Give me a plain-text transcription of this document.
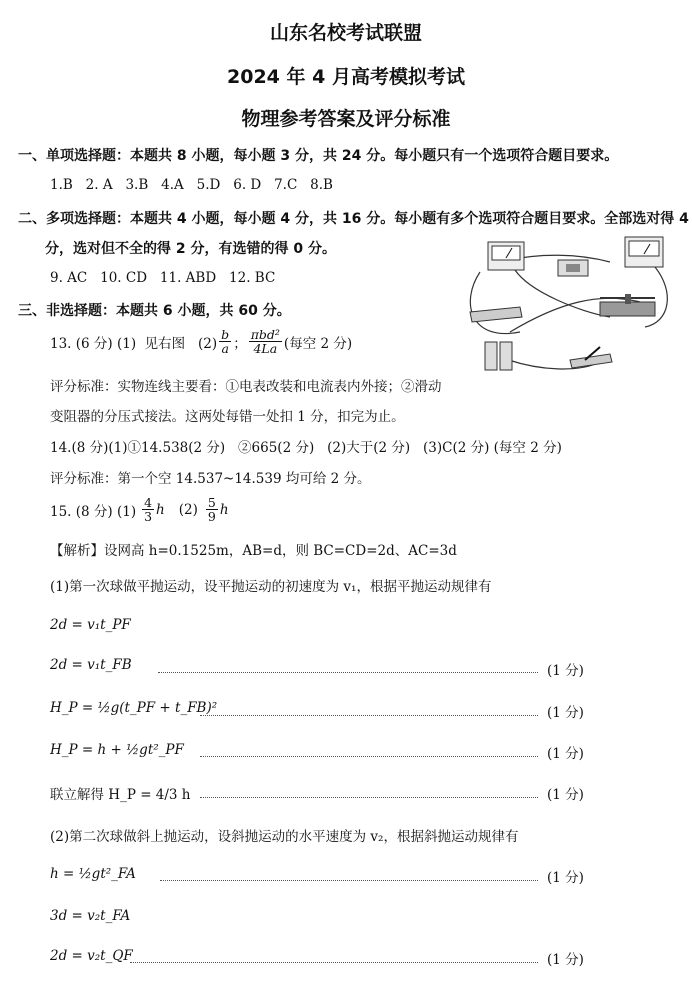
山东名校考试联盟
2024 年 4 月高考模拟考试
物理参考答案及评分标准
一、单项选择题：本题共 8 小题，每小题 3 分，共 24 分。每小题只有一个选项符合题目要求。
1.B   2. A   3.B   4.A   5.D   6. D   7.C   8.B
二、多项选择题：本题共 4 小题，每小题 4 分，共 16 分。每小题有多个选项符合题目要求。全部选对得 4
分，选对但不全的得 2 分，有选错的得 0 分。
9. AC   10. CD   11. ABD   12. BC
三、非选择题：本题共 6 小题，共 60 分。
13. (6 分) (1)  见右图   $(2) \frac{b}{a}$ ； $\frac{\text{πbd²}}{4La}$ (每空 2 分)
评分标准：实物连线主要看：①电表改装和电流表内外接；②滑动
变阻器的分压式接法。这两处每错一处扣 1 分，扣完为止。
14.(8 分)(1)①14.538(2 分)   ②665(2 分)   (2)大于(2 分)   (3)C(2 分) (每空 2 分)
评分标准：第一个空 14.537~14.539 均可给 2 分。
15. (8 分) $(1) \frac{4}{3}$ h $(2) \frac{5}{9}$ h
【解析】设网高 h=0.1525m，AB=d，则 BC=CD=2d、AC=3d
(1)第一次球做平抛运动，设平抛运动的初速度为 v₁，根据平抛运动规律有
2d = v₁t_PF
2d = v₁t_FB	(1 分)
H_P = ½g(t_PF + t_FB)²	(1 分)
H_P = h + ½gt²_PF	(1 分)
联立解得 H_P = 4/3 h	(1 分)
(2)第二次球做斜上抛运动，设斜抛运动的水平速度为 v₂，根据斜抛运动规律有
h = ½gt²_FA	(1 分)
3d = v₂t_FA
2d = v₂t_QF	(1 分)
